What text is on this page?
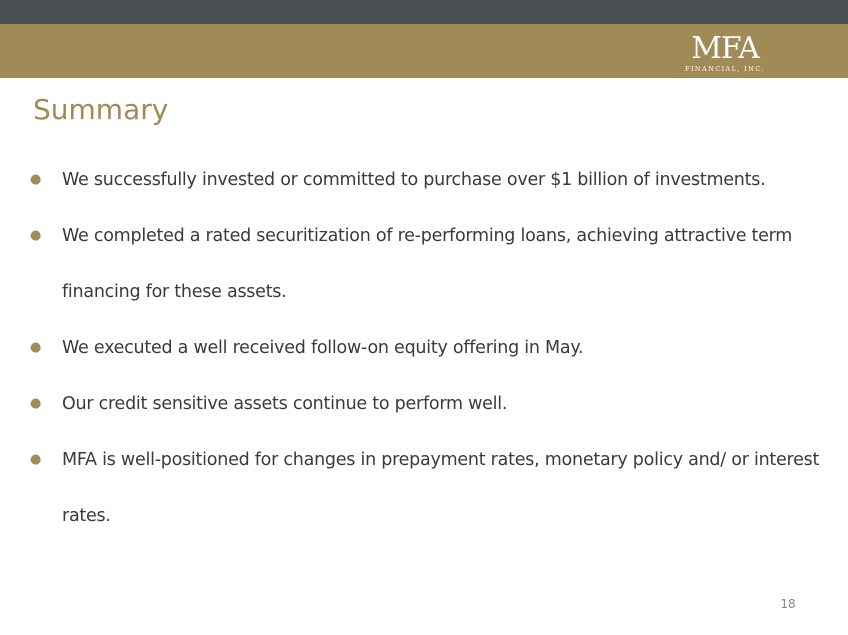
MFA
FINANCIAL, INC.
Summary
● We successfully invested or committed to purchase over $1 billion of investments.
● We completed a rated securitization of re-performing loans, achieving attractive term financing for these assets.
● We executed a well received follow-on equity offering in May.
● Our credit sensitive assets continue to perform well.
● MFA is well-positioned for changes in prepayment rates, monetary policy and/ or interest rates.
18
